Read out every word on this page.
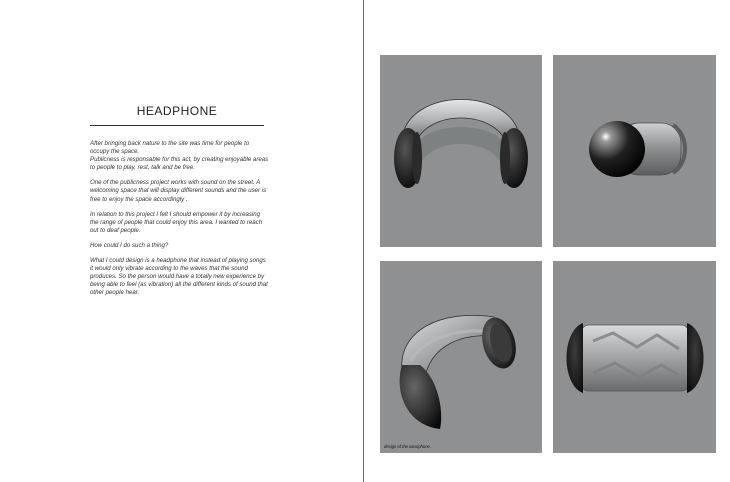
HEADPHONE

After bringing back nature to the site was time for people to occupy the space.
Publicness is responsable for this act, by creating enjoyable areas to people to play, rest, talk and be free.

One of the publicness project works with sound on the street. A welcoming space that will display different sounds and the user is free to enjoy the space accordingly .

In relation to this project I felt I should empower it by increasing the range of people that could enjoy this area. I wanted to reach out to deaf people.

How could I do such a thing?

What I could design is a headphone that instead of playing songs it would only vibrate according to the waves that the sound produces. So the person would have a totally new experience by being able to feel (as vibration) all the different kinds of sound that other people hear.

design of the wearphone.
